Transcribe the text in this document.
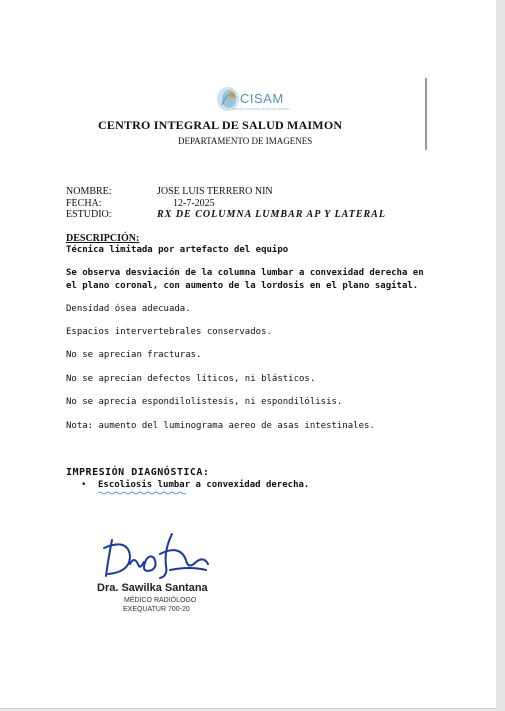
CISAM
CENTRO INTEGRAL DE SALUD MAIMON
CENTRO INTEGRAL DE SALUD MAIMON
DEPARTAMENTO DE IMAGENES
NOMBRE:	JOSE LUIS TERRERO NIN
FECHA:	12-7-2025
ESTUDIO:	RX DE COLUMNA LUMBAR AP Y LATERAL
DESCRIPCIÓN:
Técnica limitada por artefacto del equipo
Se observa desviación de la columna lumbar a convexidad derecha en
el plano coronal, con aumento de la lordosis en el plano sagital.
Densidad ósea adecuada.
Espacios intervertebrales conservados.
No se aprecian fracturas.
No se aprecian defectos líticos, ni blásticos.
No se aprecia espondilolistesis, ni espondilólisis.
Nota: aumento del luminograma aereo de asas intestinales.
IMPRESIÓN DIAGNÓSTICA:
• Escoliosis lumbar a convexidad derecha.
Dra. Sawilka Santana
MÉDICO RADIÓLOGO
EXEQUATUR 700-20
